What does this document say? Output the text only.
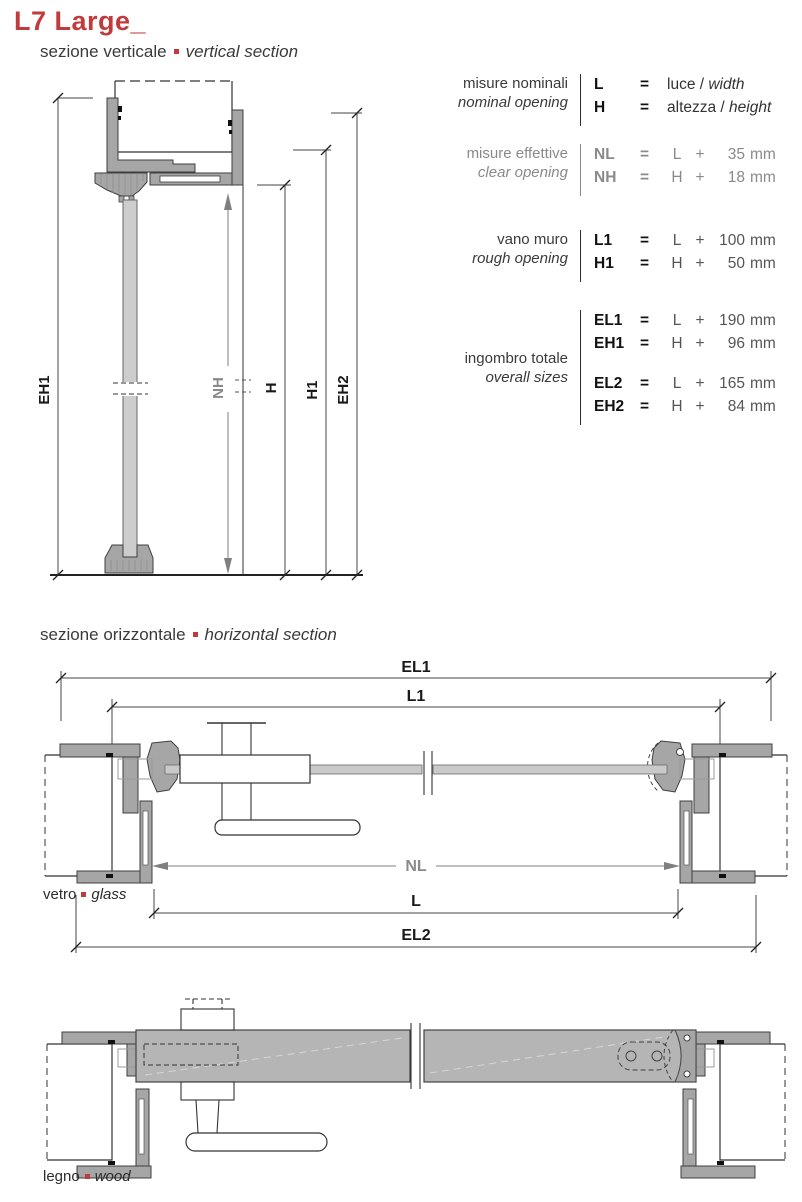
L7 Large_
sezione verticale vertical section
EH1	NH H H1 EH2
misure nominali
nominal opening
L	=	luce / width
H	=	altezza / height
misure effettive
clear opening
NL	=	L +	35 mm
NH	=	H +	18 mm
vano muro
rough opening
L1	=	L + 100 mm
H1	=	H +	50 mm
ingombro totale
overall sizes
EL1	=	L + 190 mm
EH1	=	H +	96 mm
EL2	=	L + 165 mm
EH2	=	H +	84 mm
sezione orizzontale horizontal section
EL1
L1
NL
L
EL2
vetro glass
legno wood
